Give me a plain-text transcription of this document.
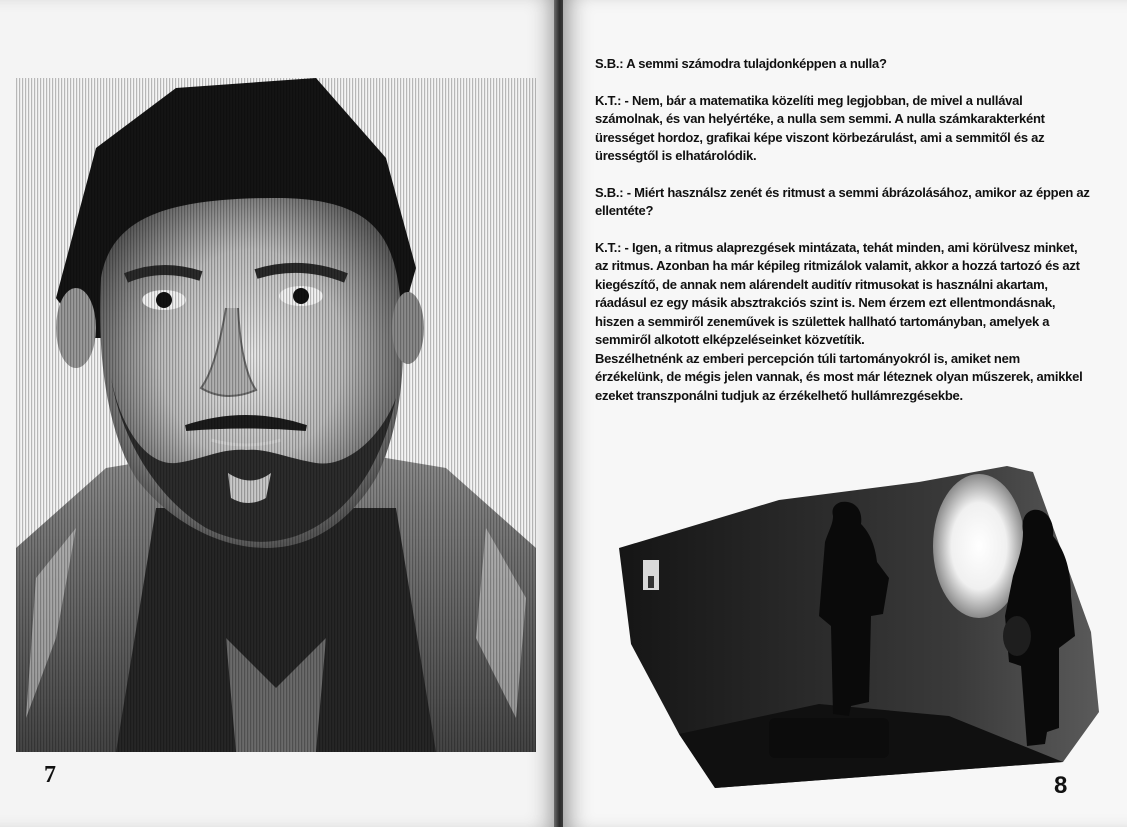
7

S.B.: A semmi számodra tulajdonképpen a nulla?

K.T.: - Nem, bár a matematika közelíti meg legjobban, de mivel a nullával számolnak, és van helyértéke, a nulla sem semmi. A nulla számkarakterként ürességet hordoz, grafikai képe viszont körbezárulást, ami a semmitől és az ürességtől is elhatárolódik.

S.B.: - Miért használsz zenét és ritmust a semmi ábrázolásához, amikor az éppen az ellentéte?

K.T.: - Igen, a ritmus alaprezgések mintázata, tehát minden, ami körülvesz minket, az ritmus. Azonban ha már képileg ritmizálok valamit, akkor a hozzá tartozó és azt kiegészítő, de annak nem alárendelt auditív ritmusokat is használni akartam, ráadásul ez egy másik absztrakciós szint is. Nem érzem ezt ellentmondásnak, hiszen a semmiről zeneművek is születtek hallható tartományban, amelyek a semmiről alkotott elképzeléseinket közvetítik.

Beszélhetnénk az emberi percepción túli tartományokról is, amiket nem érzékelünk, de mégis jelen vannak, és most már léteznek olyan műszerek, amikkel ezeket transzponálni tudjuk az érzékelhető hullámrezgésekbe.

8
